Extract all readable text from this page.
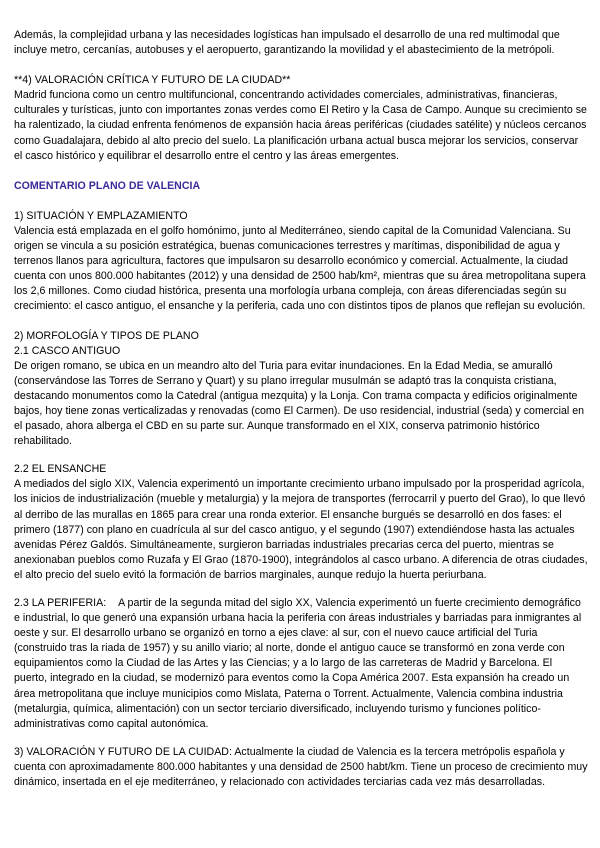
Además, la complejidad urbana y las necesidades logísticas han impulsado el desarrollo de una red multimodal que incluye metro, cercanías, autobuses y el aeropuerto, garantizando la movilidad y el abastecimiento de la metrópoli.

**4) VALORACIÓN CRÍTICA Y FUTURO DE LA CIUDAD**

Madrid funciona como un centro multifuncional, concentrando actividades comerciales, administrativas, financieras, culturales y turísticas, junto con importantes zonas verdes como El Retiro y la Casa de Campo. Aunque su crecimiento se ha ralentizado, la ciudad enfrenta fenómenos de expansión hacia áreas periféricas (ciudades satélite) y núcleos cercanos como Guadalajara, debido al alto precio del suelo. La planificación urbana actual busca mejorar los servicios, conservar el casco histórico y equilibrar el desarrollo entre el centro y las áreas emergentes.

COMENTARIO PLANO DE VALENCIA

1) SITUACIÓN Y EMPLAZAMIENTO

Valencia está emplazada en el golfo homónimo, junto al Mediterráneo, siendo capital de la Comunidad Valenciana. Su origen se vincula a su posición estratégica, buenas comunicaciones terrestres y marítimas, disponibilidad de agua y terrenos llanos para agricultura, factores que impulsaron su desarrollo económico y comercial. Actualmente, la ciudad cuenta con unos 800.000 habitantes (2012) y una densidad de 2500 hab/km², mientras que su área metropolitana supera los 2,6 millones. Como ciudad histórica, presenta una morfología urbana compleja, con áreas diferenciadas según su crecimiento: el casco antiguo, el ensanche y la periferia, cada uno con distintos tipos de planos que reflejan su evolución.

2) MORFOLOGÍA Y TIPOS DE PLANO

2.1 CASCO ANTIGUO

De origen romano, se ubica en un meandro alto del Turia para evitar inundaciones. En la Edad Media, se amuralló (conservándose las Torres de Serrano y Quart) y su plano irregular musulmán se adaptó tras la conquista cristiana, destacando monumentos como la Catedral (antigua mezquita) y la Lonja. Con trama compacta y edificios originalmente bajos, hoy tiene zonas verticalizadas y renovadas (como El Carmen). De uso residencial, industrial (seda) y comercial en el pasado, ahora alberga el CBD en su parte sur. Aunque transformado en el XIX, conserva patrimonio histórico rehabilitado.

2.2 EL ENSANCHE

A mediados del siglo XIX, Valencia experimentó un importante crecimiento urbano impulsado por la prosperidad agrícola, los inicios de industrialización (mueble y metalurgia) y la mejora de transportes (ferrocarril y puerto del Grao), lo que llevó al derribo de las murallas en 1865 para crear una ronda exterior. El ensanche burgués se desarrolló en dos fases: el primero (1877) con plano en cuadrícula al sur del casco antiguo, y el segundo (1907) extendiéndose hasta las actuales avenidas Pérez Galdós. Simultáneamente, surgieron barriadas industriales precarias cerca del puerto, mientras se anexionaban pueblos como Ruzafa y El Grao (1870-1900), integrándolos al casco urbano. A diferencia de otras ciudades, el alto precio del suelo evitó la formación de barrios marginales, aunque redujo la huerta periurbana.

2.3 LA PERIFERIA: A partir de la segunda mitad del siglo XX, Valencia experimentó un fuerte crecimiento demográfico e industrial, lo que generó una expansión urbana hacia la periferia con áreas industriales y barriadas para inmigrantes al oeste y sur. El desarrollo urbano se organizó en torno a ejes clave: al sur, con el nuevo cauce artificial del Turia (construido tras la riada de 1957) y su anillo viario; al norte, donde el antiguo cauce se transformó en zona verde con equipamientos como la Ciudad de las Artes y las Ciencias; y a lo largo de las carreteras de Madrid y Barcelona. El puerto, integrado en la ciudad, se modernizó para eventos como la Copa América 2007. Esta expansión ha creado un área metropolitana que incluye municipios como Mislata, Paterna o Torrent. Actualmente, Valencia combina industria (metalurgia, química, alimentación) con un sector terciario diversificado, incluyendo turismo y funciones político-administrativas como capital autonómica.

3) VALORACIÓN Y FUTURO DE LA CUIDAD: Actualmente la ciudad de Valencia es la tercera metrópolis española y cuenta con aproximadamente 800.000 habitantes y una densidad de 2500 habt/km. Tiene un proceso de crecimiento muy dinámico, insertada en el eje mediterráneo, y relacionado con actividades terciarias cada vez más desarrolladas.
